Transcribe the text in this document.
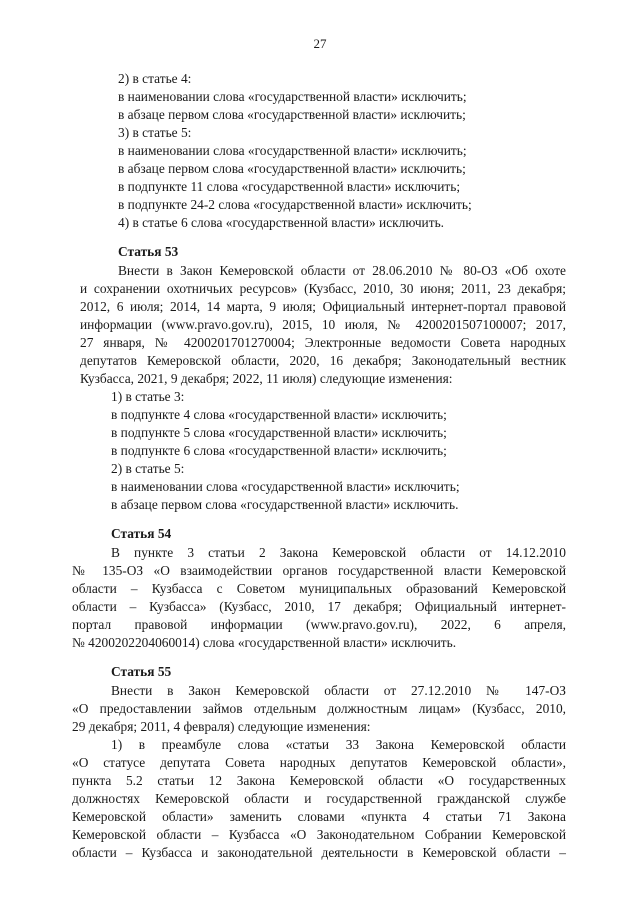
27
2) в статье 4:
в наименовании слова «государственной власти» исключить;
в абзаце первом слова «государственной власти» исключить;
3) в статье 5:
в наименовании слова «государственной власти» исключить;
в абзаце первом слова «государственной власти» исключить;
в подпункте 11 слова «государственной власти» исключить;
в подпункте 24-2 слова «государственной власти» исключить;
4) в статье 6 слова «государственной власти» исключить.
Статья 53
Внести в Закон Кемеровской области от 28.06.2010 № 80-ОЗ «Об охоте
и сохранении охотничьих ресурсов» (Кузбасс, 2010, 30 июня; 2011, 23 декабря;
2012, 6 июля; 2014, 14 марта, 9 июля; Официальный интернет-портал правовой
информации (www.pravo.gov.ru), 2015, 10 июля, № 4200201507100007; 2017,
27 января, № 4200201701270004; Электронные ведомости Совета народных
депутатов Кемеровской области, 2020, 16 декабря; Законодательный вестник
Кузбасса, 2021, 9 декабря; 2022, 11 июля) следующие изменения:
1) в статье 3:
в подпункте 4 слова «государственной власти» исключить;
в подпункте 5 слова «государственной власти» исключить;
в подпункте 6 слова «государственной власти» исключить;
2) в статье 5:
в наименовании слова «государственной власти» исключить;
в абзаце первом слова «государственной власти» исключить.
Статья 54
В пункте 3 статьи 2 Закона Кемеровской области от 14.12.2010
№ 135-ОЗ «О взаимодействии органов государственной власти Кемеровской
области – Кузбасса с Советом муниципальных образований Кемеровской
области – Кузбасса» (Кузбасс, 2010, 17 декабря; Официальный интернет-
портал правовой информации (www.pravo.gov.ru), 2022, 6 апреля,
№ 4200202204060014) слова «государственной власти» исключить.
Статья 55
Внести в Закон Кемеровской области от 27.12.2010 № 147-ОЗ
«О предоставлении займов отдельным должностным лицам» (Кузбасс, 2010,
29 декабря; 2011, 4 февраля) следующие изменения:
1) в преамбуле слова «статьи 33 Закона Кемеровской области
«О статусе депутата Совета народных депутатов Кемеровской области»,
пункта 5.2 статьи 12 Закона Кемеровской области «О государственных
должностях Кемеровской области и государственной гражданской службе
Кемеровской области» заменить словами «пункта 4 статьи 71 Закона
Кемеровской области – Кузбасса «О Законодательном Собрании Кемеровской
области – Кузбасса и законодательной деятельности в Кемеровской области –
